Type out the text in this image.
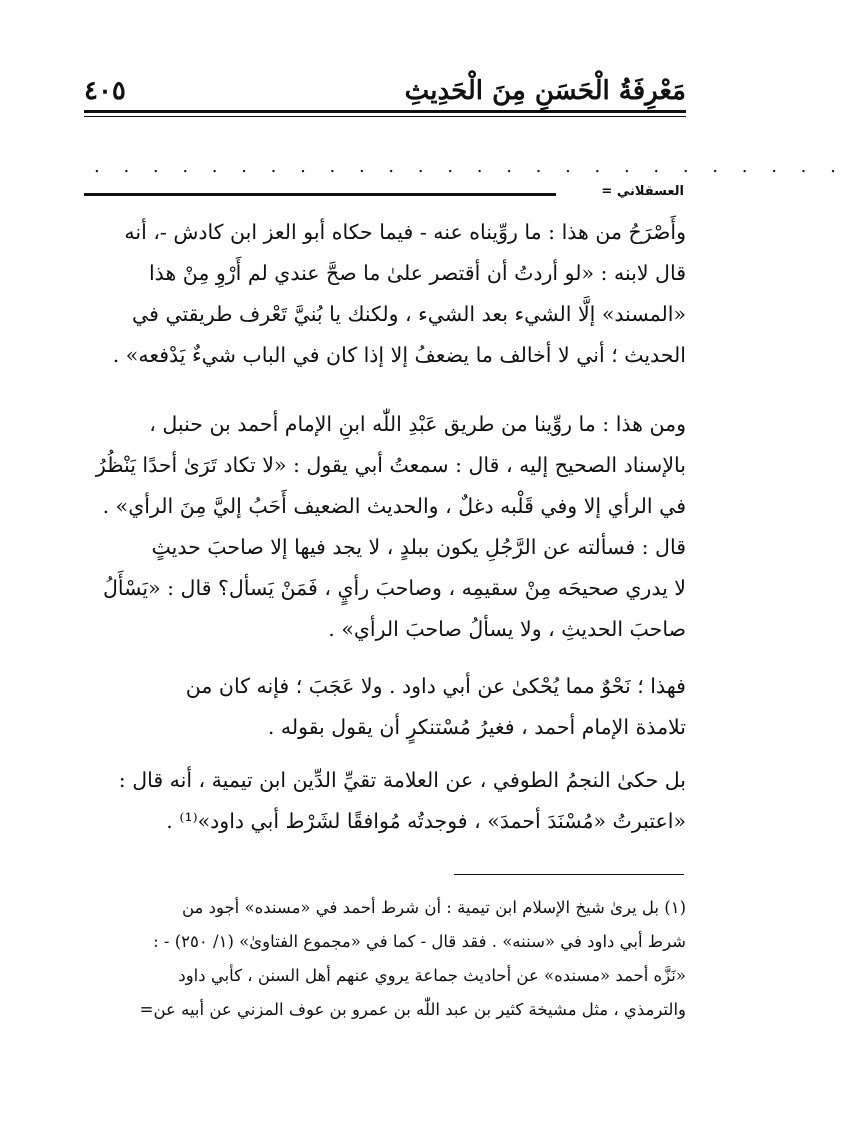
مَعْرِفَةُ الْحَسَنِ مِنَ الْحَدِيثِ
٤٠٥
. . . . . . . . . . . . . . . . . . . . . . . . . .
العسقلاني =
وأَصْرَحُ من هذا : ما روِّيناه عنه - فيما حكاه أبو العز ابن كادش -، أنه
قال لابنه : «لو أردتُ أن أقتصر علىٰ ما صحَّ عندي لم أَرْوِ مِنْ هذا
«المسند» إلَّا الشيء بعد الشيء ، ولكنك يا بُنيَّ تَعْرف طريقتي في
الحديث ؛ أني لا أخالف ما يضعفُ إلا إذا كان في الباب شيءٌ يَدْفعه» .
ومن هذا : ما روِّينا من طريق عَبْدِ اللّٰه ابنِ الإمام أحمد بن حنبل ،
بالإسناد الصحيح إليه ، قال : سمعتُ أبي يقول : «لا تكاد تَرَىٰ أحدًا يَنْظُرُ
في الرأي إلا وفي قَلْبه دغلٌ ، والحديث الضعيف أَحَبُ إليَّ مِنَ الرأي» .
قال : فسألته عن الرَّجُلِ يكون ببلدٍ ، لا يجد فيها إلا صاحبَ حديثٍ
لا يدري صحيحَه مِنْ سقيمِه ، وصاحبَ رأيٍ ، فَمَنْ يَسأل؟ قال : «يَسْأَلُ
صاحبَ الحديثِ ، ولا يسألُ صاحبَ الرأي» .
فهذا ؛ نَحْوٌ مما يُحْكىٰ عن أبي داود . ولا عَجَبَ ؛ فإنه كان من
تلامذة الإمام أحمد ، فغيرُ مُسْتنكرٍ أن يقول بقوله .
بل حكىٰ النجمُ الطوفي ، عن العلامة تقيِّ الدِّين ابن تيمية ، أنه قال :
«اعتبرتُ «مُسْنَدَ أحمدَ» ، فوجدتُه مُوافقًا لشَرْط أبي داود»⁽¹⁾ .
(١) بل يرىٰ شيخ الإسلام ابن تيمية : أن شرط أحمد في «مسنده» أجود من
شرط أبي داود في «سننه» . فقد قال - كما في «مجموع الفتاوىٰ» (١/ ٢٥٠) - :
«نَزَّه أحمد «مسنده» عن أحاديث جماعة يروي عنهم أهل السنن ، كأبي داود
والترمذي ، مثل مشيخة كثير بن عبد اللّٰه بن عمرو بن عوف المزني عن أبيه عن=
